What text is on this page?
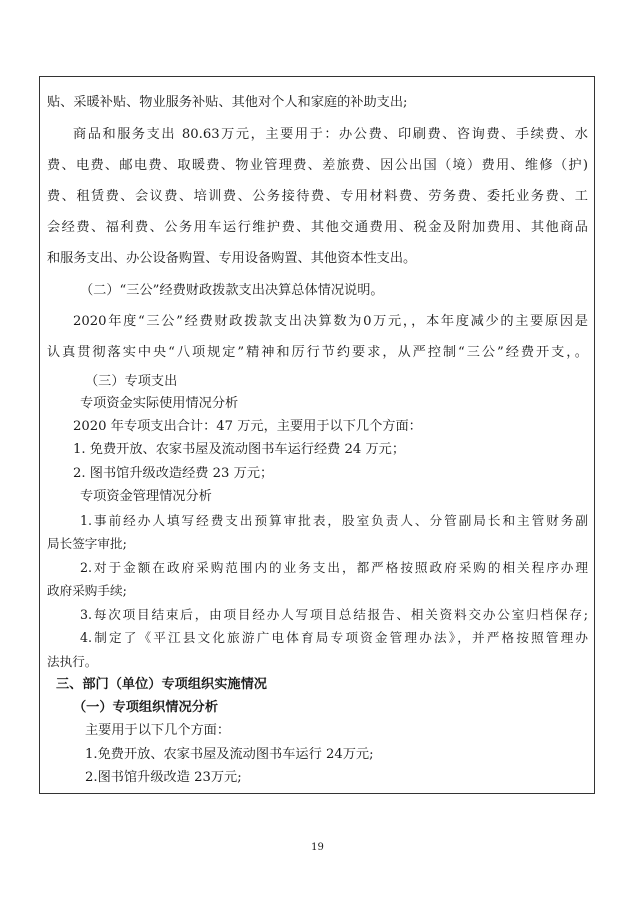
贴、采暖补贴、物业服务补贴、其他对个人和家庭的补助支出;
商品和服务支出 80.63万元，主要用于：办公费、印刷费、咨询费、手续费、水
费、电费、邮电费、取暖费、物业管理费、差旅费、因公出国（境）费用、维修（护)
费、租赁费、会议费、培训费、公务接待费、专用材料费、劳务费、委托业务费、工
会经费、福利费、公务用车运行维护费、其他交通费用、税金及附加费用、其他商品
和服务支出、办公设备购置、专用设备购置、其他资本性支出。
（二）“三公”经费财政拨款支出决算总体情况说明。
2020年度“三公”经费财政拨款支出决算数为0万元，，本年度减少的主要原因是
认真贯彻落实中央“八项规定”精神和厉行节约要求，从严控制“三公”经费开支，。
（三）专项支出
专项资金实际使用情况分析
2020 年专项支出合计：47 万元，主要用于以下几个方面：
1. 免费开放、农家书屋及流动图书车运行经费 24 万元；
2. 图书馆升级改造经费 23 万元；
专项资金管理情况分析
1.事前经办人填写经费支出预算审批表，股室负责人、分管副局长和主管财务副
局长签字审批;
2.对于金额在政府采购范围内的业务支出，都严格按照政府采购的相关程序办理
政府采购手续;
3.每次项目结束后，由项目经办人写项目总结报告、相关资料交办公室归档保存;
4.制定了《平江县文化旅游广电体育局专项资金管理办法》，并严格按照管理办
法执行。
三、部门（单位）专项组织实施情况
（一）专项组织情况分析
主要用于以下几个方面：
1.免费开放、农家书屋及流动图书车运行 24万元;
2.图书馆升级改造 23万元;
19
